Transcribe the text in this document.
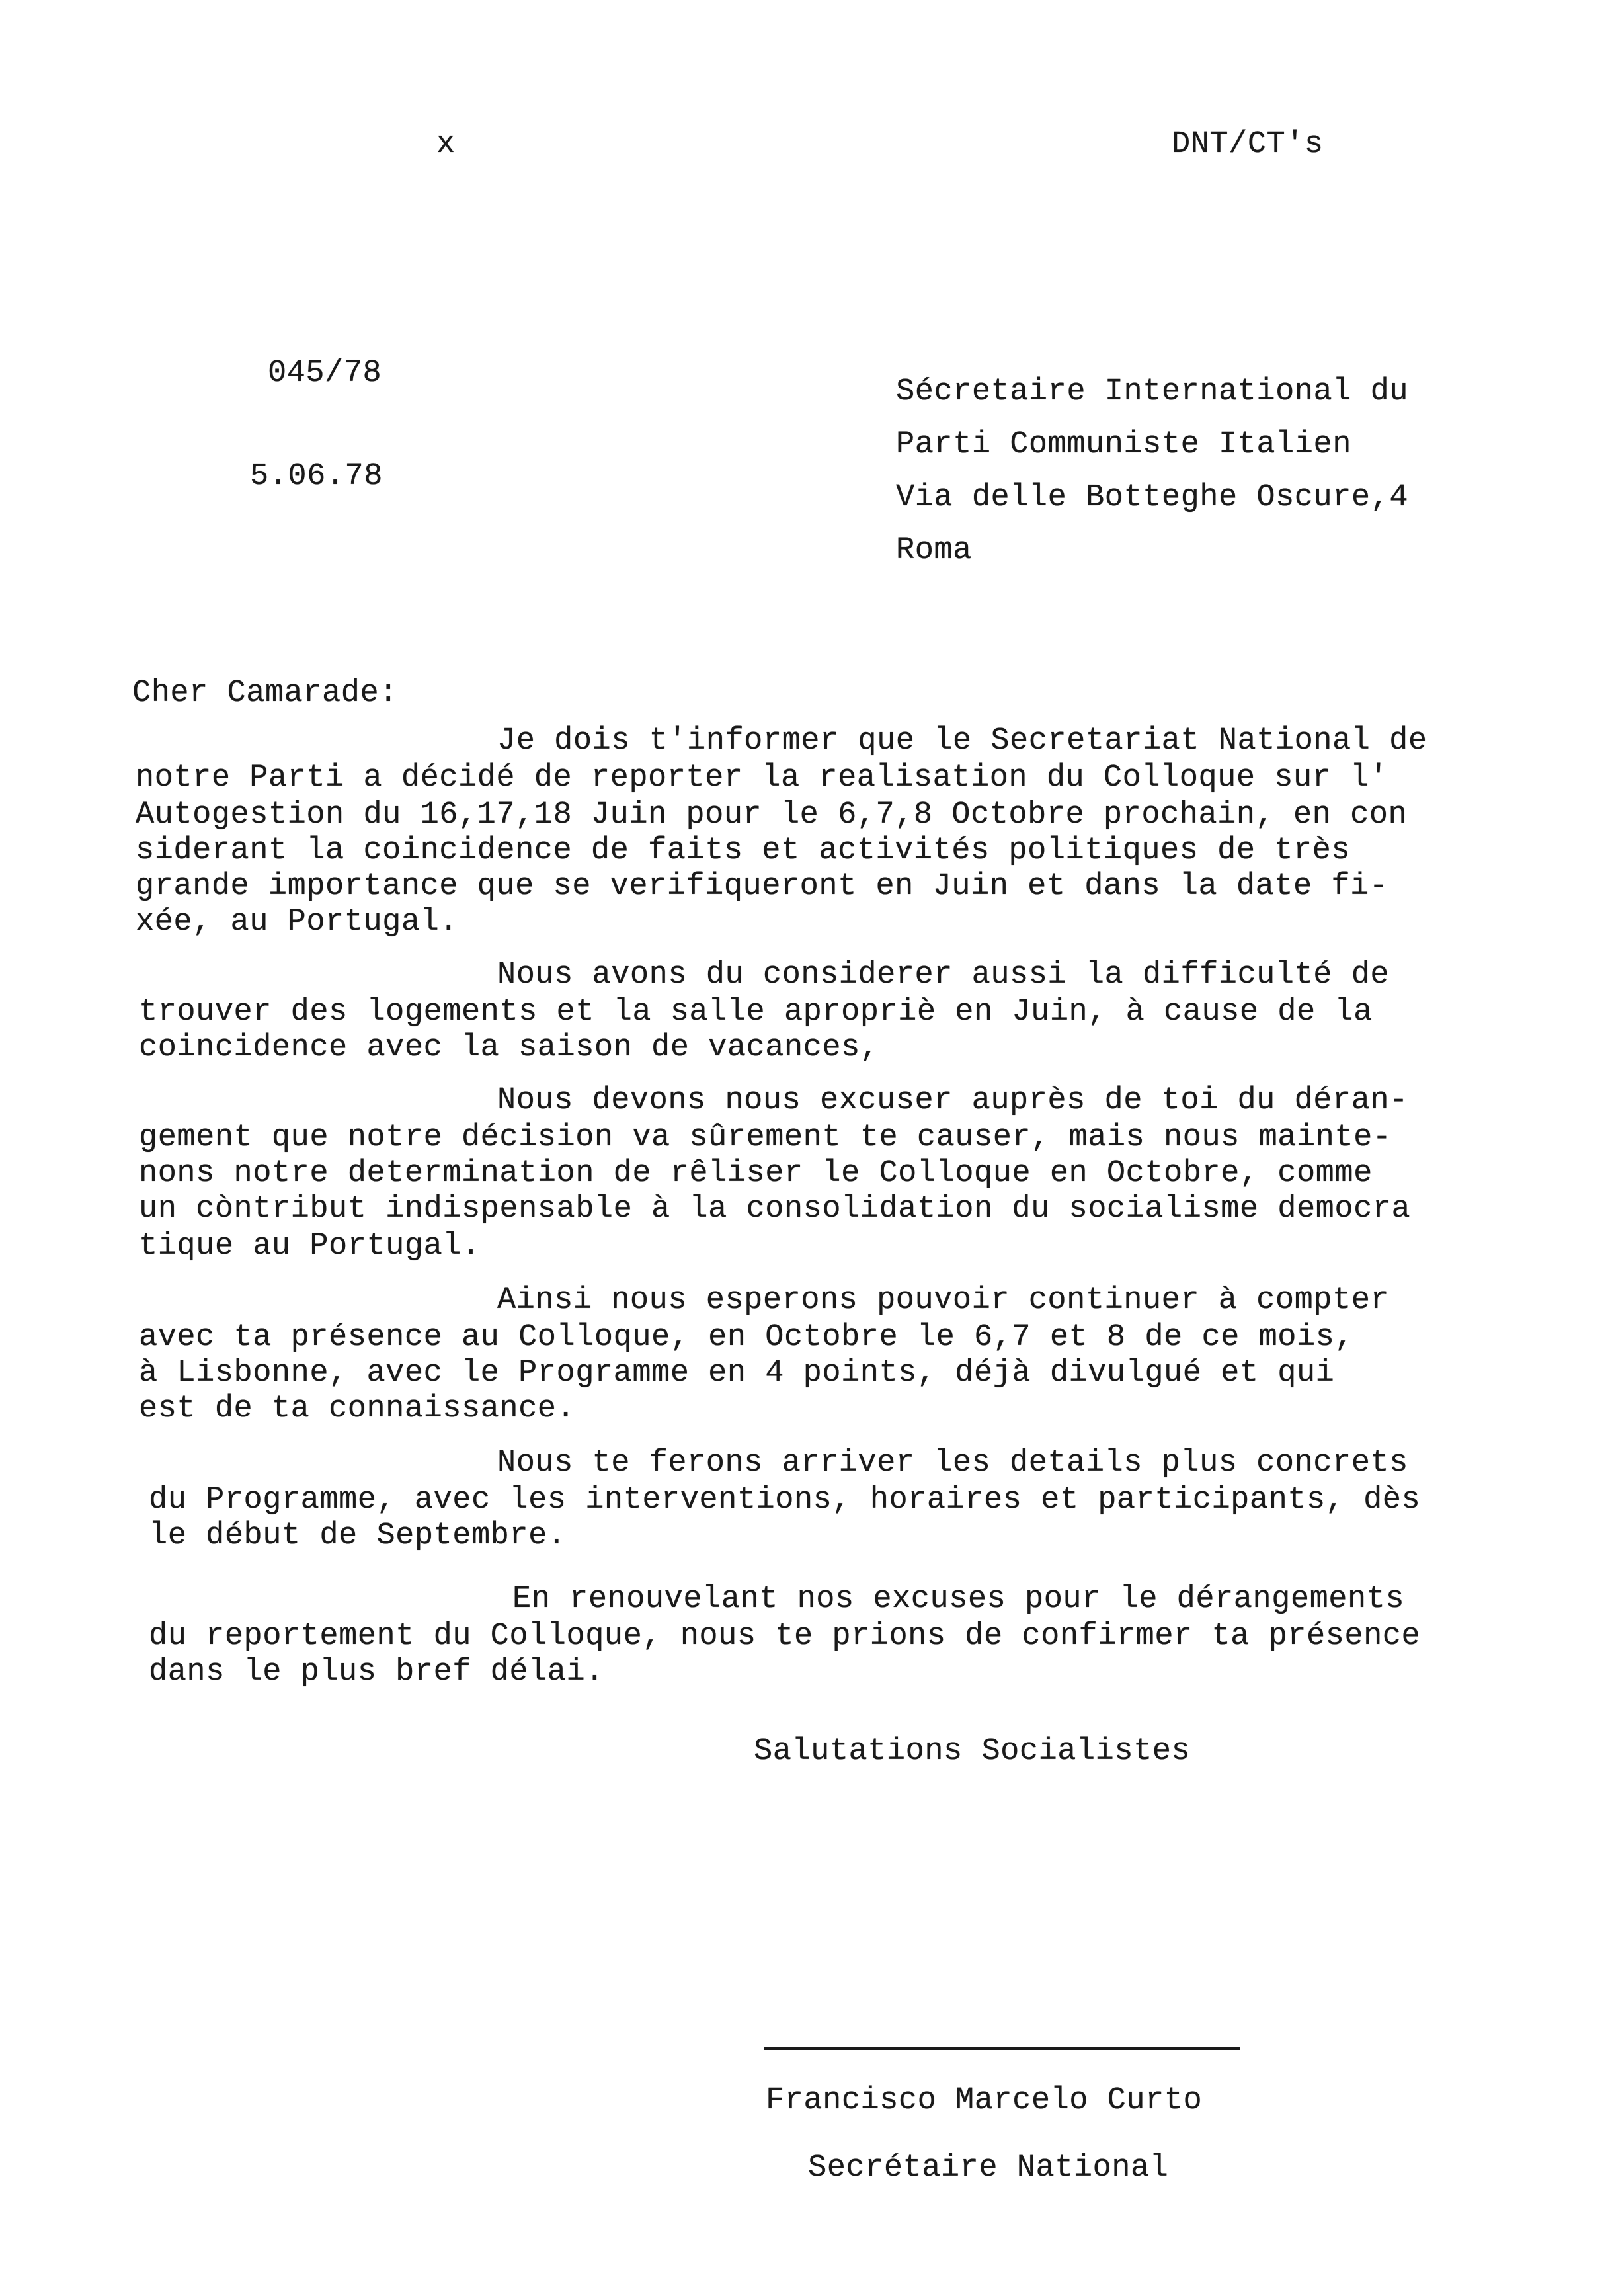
x	DNT/CT's
045/78
5.06.78
Sécretaire International du
Parti Communiste Italien
Via delle Botteghe Oscure,4
Roma
Cher Camarade:
Je dois t'informer que le Secretariat National de
notre Parti a décidé de reporter la realisation du Colloque sur l'
Autogestion du 16,17,18 Juin pour le 6,7,8 Octobre prochain, en con
siderant la coincidence de faits et activités politiques de très
grande importance que se verifiqueront en Juin et dans la date fi-
xée, au Portugal.
Nous avons du considerer aussi la difficulté de
trouver des logements et la salle apropriè en Juin, à cause de la
coincidence avec la saison de vacances,
Nous devons nous excuser auprès de toi du déran-
gement que notre décision va sûrement te causer, mais nous mainte-
nons notre determination de rêliser le Colloque en Octobre, comme
un còntribut indispensable à la consolidation du socialisme democra
tique au Portugal.
Ainsi nous esperons pouvoir continuer à compter
avec ta présence au Colloque, en Octobre le 6,7 et 8 de ce mois,
à Lisbonne, avec le Programme en 4 points, déjà divulgué et qui
est de ta connaissance.
Nous te ferons arriver les details plus concrets
du Programme, avec les interventions, horaires et participants, dès
le début de Septembre.
En renouvelant nos excuses pour le dérangements
du reportement du Colloque, nous te prions de confirmer ta présence
dans le plus bref délai.
Salutations Socialistes
Francisco Marcelo Curto
Secrétaire National
